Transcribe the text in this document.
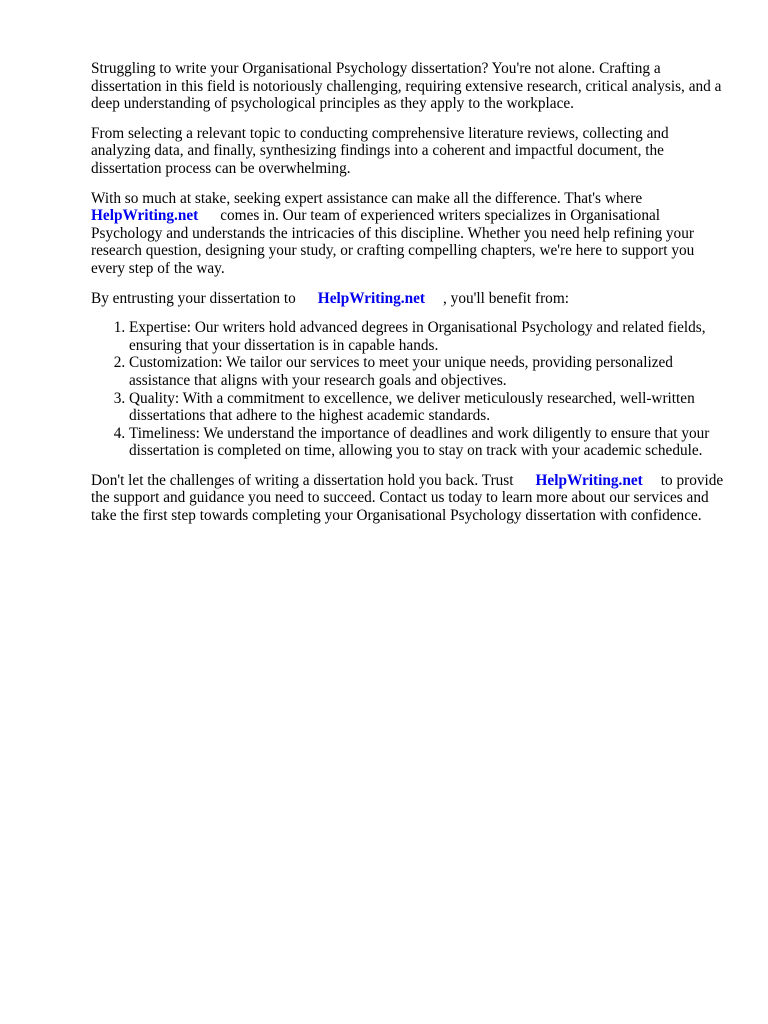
Struggling to write your Organisational Psychology dissertation? You're not alone. Crafting a dissertation in this field is notoriously challenging, requiring extensive research, critical analysis, and a deep understanding of psychological principles as they apply to the workplace.

From selecting a relevant topic to conducting comprehensive literature reviews, collecting and analyzing data, and finally, synthesizing findings into a coherent and impactful document, the dissertation process can be overwhelming.

With so much at stake, seeking expert assistance can make all the difference. That's where
HelpWriting.net comes in. Our team of experienced writers specializes in Organisational Psychology and understands the intricacies of this discipline. Whether you need help refining your research question, designing your study, or crafting compelling chapters, we're here to support you every step of the way.

By entrusting your dissertation to HelpWriting.net , you'll benefit from:

1. Expertise: Our writers hold advanced degrees in Organisational Psychology and related fields, ensuring that your dissertation is in capable hands.
2. Customization: We tailor our services to meet your unique needs, providing personalized assistance that aligns with your research goals and objectives.
3. Quality: With a commitment to excellence, we deliver meticulously researched, well-written dissertations that adhere to the highest academic standards.
4. Timeliness: We understand the importance of deadlines and work diligently to ensure that your dissertation is completed on time, allowing you to stay on track with your academic schedule.

Don't let the challenges of writing a dissertation hold you back. Trust HelpWriting.net to provide the support and guidance you need to succeed. Contact us today to learn more about our services and take the first step towards completing your Organisational Psychology dissertation with confidence.
